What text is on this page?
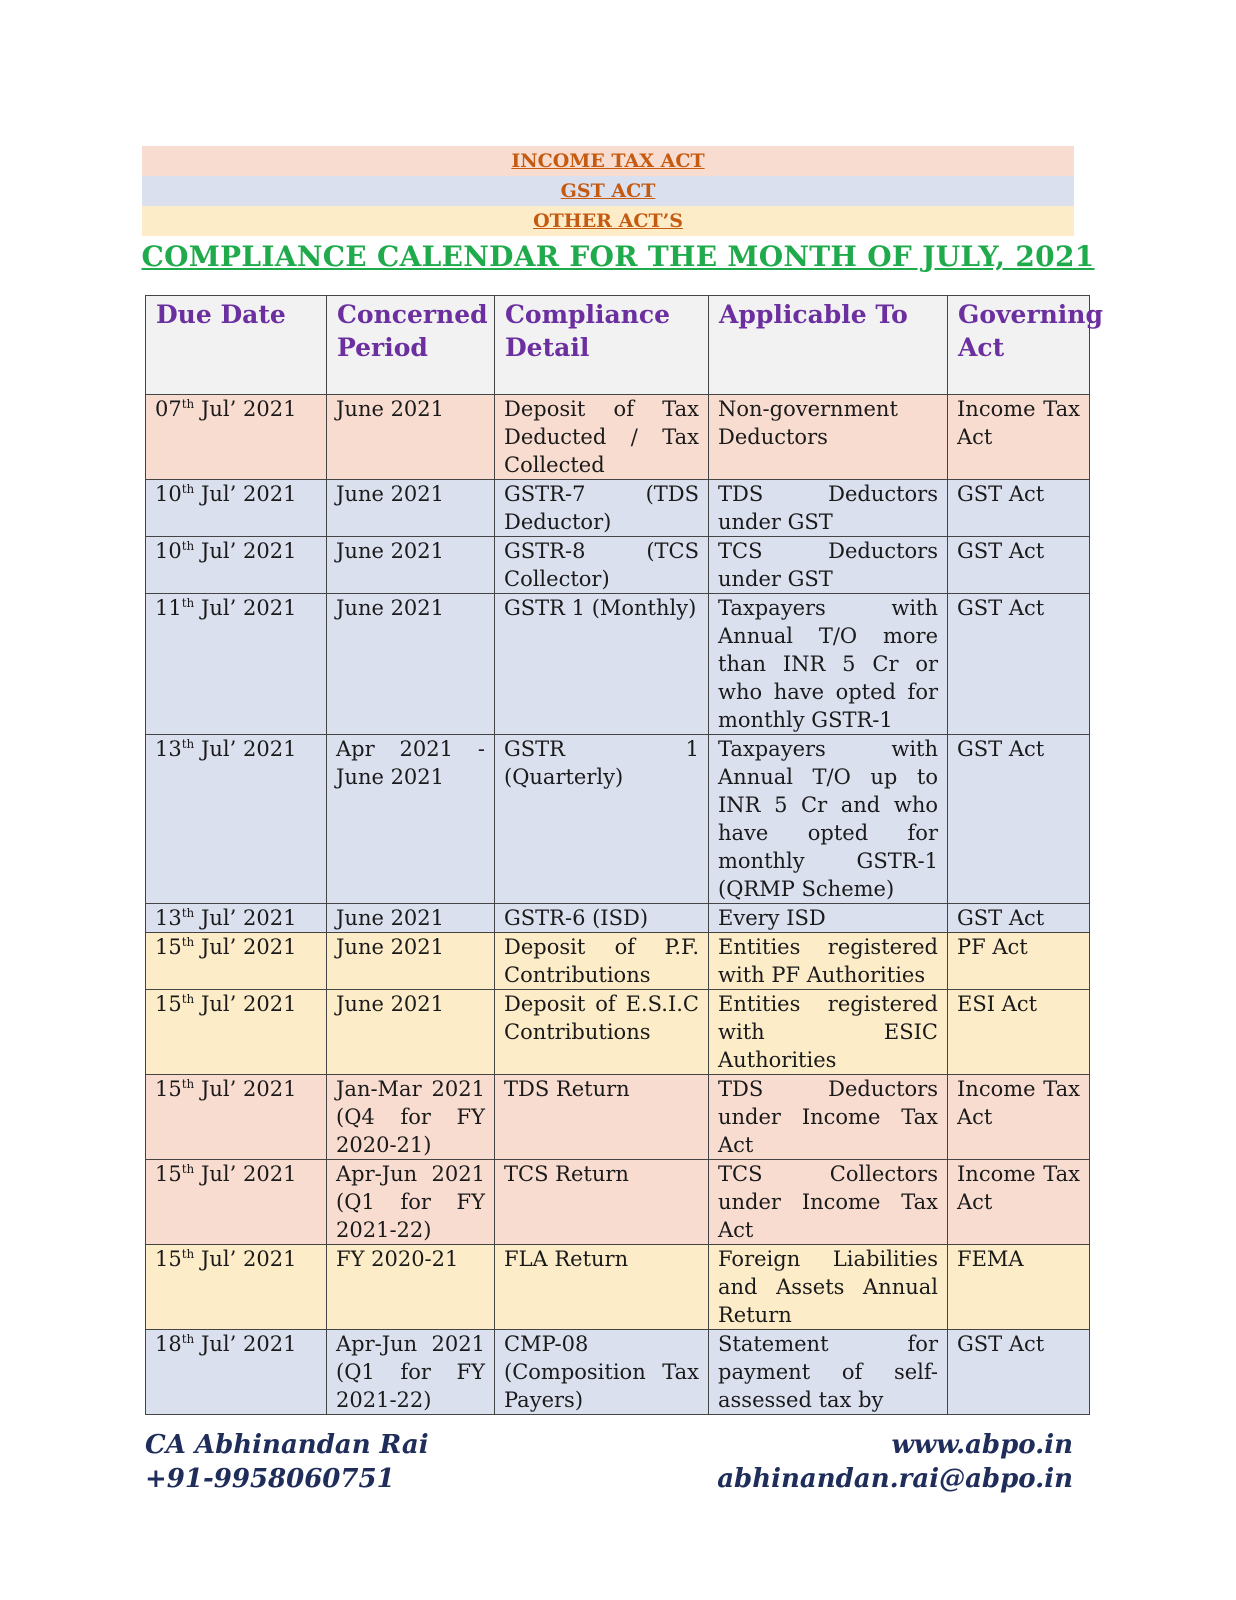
INCOME TAX ACT
GST ACT
OTHER ACT’S
COMPLIANCE CALENDAR FOR THE MONTH OF JULY, 2021
Due Date	Concerned Period	Compliance Detail	Applicable To	Governing Act
07th Jul’ 2021	June 2021	Deposit of Tax Deducted / Tax Collected	Non-government Deductors	Income Tax Act
10th Jul’ 2021	June 2021	GSTR-7 (TDS Deductor)	TDS Deductors under GST	GST Act
10th Jul’ 2021	June 2021	GSTR-8 (TCS Collector)	TCS Deductors under GST	GST Act
11th Jul’ 2021	June 2021	GSTR 1 (Monthly)	Taxpayers with Annual T/O more than INR 5 Cr or who have opted for monthly GSTR-1	GST Act
13th Jul’ 2021	Apr 2021 - June 2021	GSTR 1 (Quarterly)	Taxpayers with Annual T/O up to INR 5 Cr and who have opted for monthly GSTR-1 (QRMP Scheme)	GST Act
13th Jul’ 2021	June 2021	GSTR-6 (ISD)	Every ISD	GST Act
15th Jul’ 2021	June 2021	Deposit of P.F. Contributions	Entities registered with PF Authorities	PF Act
15th Jul’ 2021	June 2021	Deposit of E.S.I.C Contributions	Entities registered with ESIC Authorities	ESI Act
15th Jul’ 2021	Jan-Mar 2021 (Q4 for FY 2020-21)	TDS Return	TDS Deductors under Income Tax Act	Income Tax Act
15th Jul’ 2021	Apr-Jun 2021 (Q1 for FY 2021-22)	TCS Return	TCS Collectors under Income Tax Act	Income Tax Act
15th Jul’ 2021	FY 2020-21	FLA Return	Foreign Liabilities and Assets Annual Return	FEMA
18th Jul’ 2021	Apr-Jun 2021 (Q1 for FY 2021-22)	CMP-08 (Composition Tax Payers)	Statement for payment of self-assessed tax by	GST Act
CA Abhinandan Rai
+91-9958060751
www.abpo.in
abhinandan.rai@abpo.in
